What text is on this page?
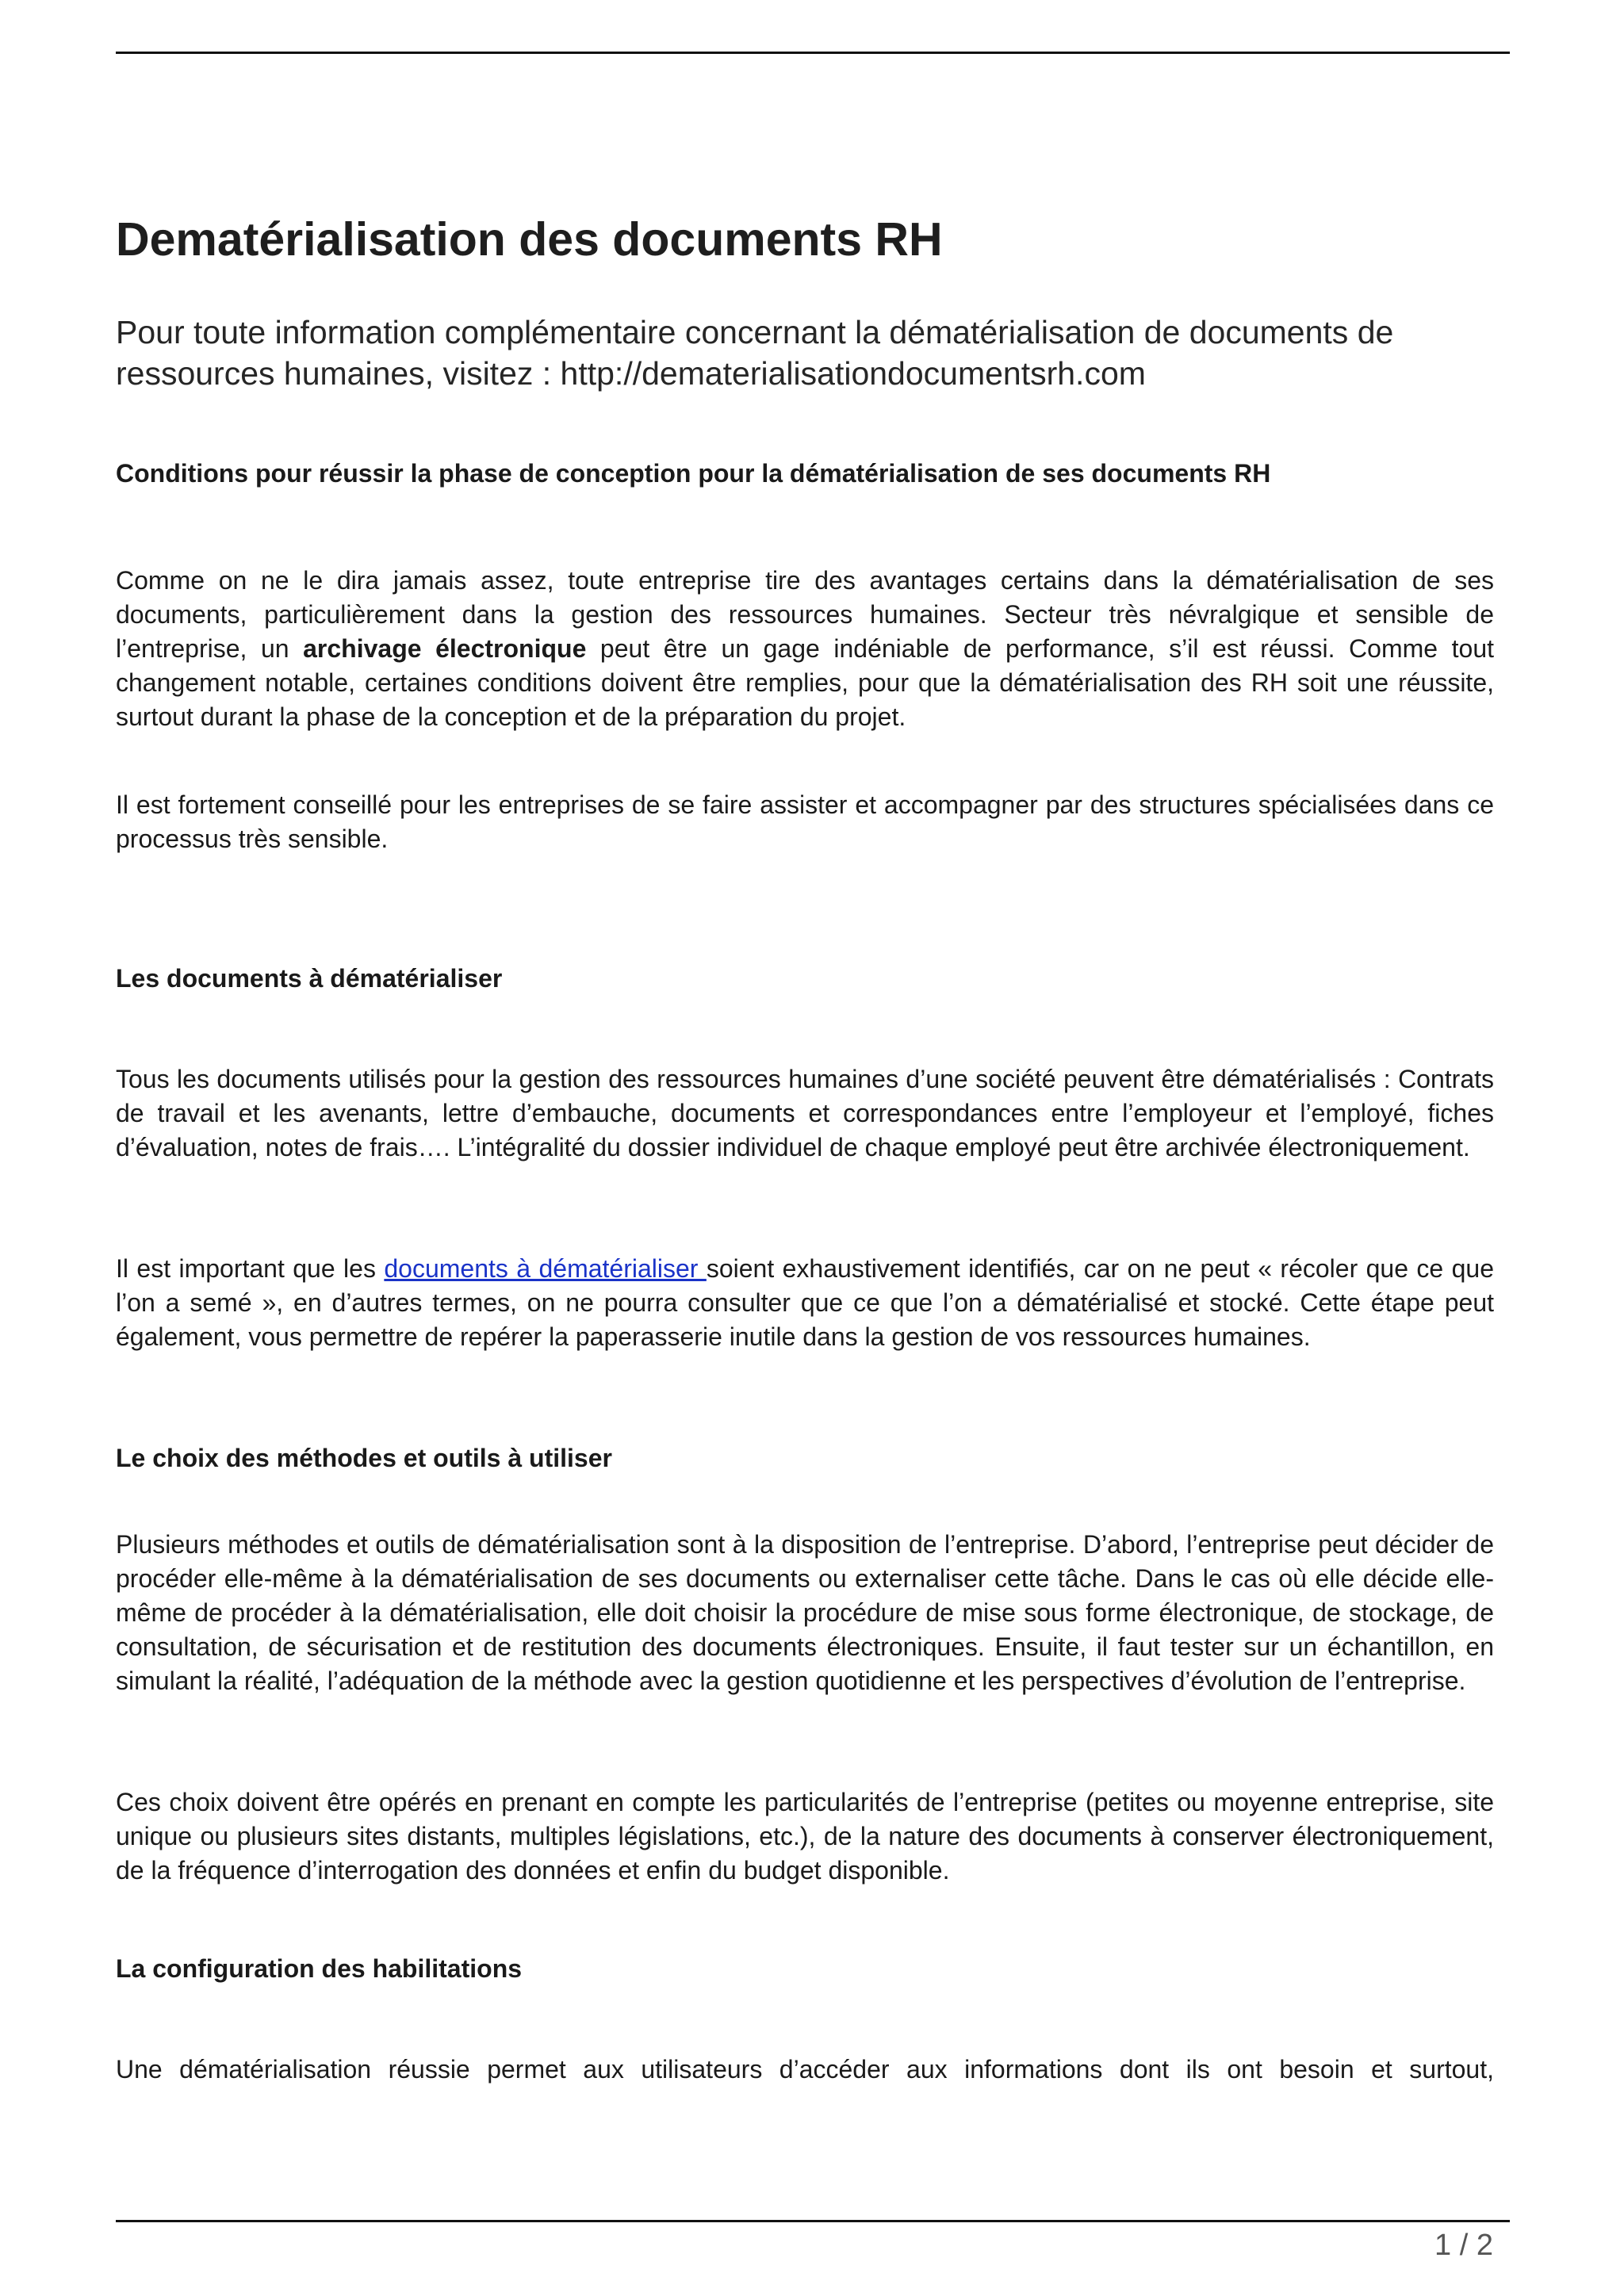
Dematérialisation des documents RH

Pour toute information complémentaire concernant la dématérialisation de documents de ressources humaines, visitez : http://dematerialisationdocumentsrh.com

Conditions pour réussir la phase de conception pour la dématérialisation de ses documents RH

Comme on ne le dira jamais assez, toute entreprise tire des avantages certains dans la dématérialisation de ses documents, particulièrement dans la gestion des ressources humaines. Secteur très névralgique et sensible de l’entreprise, un archivage électronique peut être un gage indéniable de performance, s’il est réussi. Comme tout changement notable, certaines conditions doivent être remplies, pour que la dématérialisation des RH soit une réussite, surtout durant la phase de la conception et de la préparation du projet.

Il est fortement conseillé pour les entreprises de se faire assister et accompagner par des structures spécialisées dans ce processus très sensible.

Les documents à dématérialiser

Tous les documents utilisés pour la gestion des ressources humaines d’une société peuvent être dématérialisés : Contrats de travail et les avenants, lettre d’embauche, documents et correspondances entre l’employeur et l’employé, fiches d’évaluation, notes de frais…. L’intégralité du dossier individuel de chaque employé peut être archivée électroniquement.

Il est important que les documents à dématérialiser soient exhaustivement identifiés, car on ne peut « récoler que ce que l’on a semé », en d’autres termes, on ne pourra consulter que ce que l’on a dématérialisé et stocké. Cette étape peut également, vous permettre de repérer la paperasserie inutile dans la gestion de vos ressources humaines.

Le choix des méthodes et outils à utiliser

Plusieurs méthodes et outils de dématérialisation sont à la disposition de l’entreprise. D’abord, l’entreprise peut décider de procéder elle-même à la dématérialisation de ses documents ou externaliser cette tâche. Dans le cas où elle décide elle-même de procéder à la dématérialisation, elle doit choisir la procédure de mise sous forme électronique, de stockage, de consultation, de sécurisation et de restitution des documents électroniques. Ensuite, il faut tester sur un échantillon, en simulant la réalité, l’adéquation de la méthode avec la gestion quotidienne et les perspectives d’évolution de l’entreprise.

Ces choix doivent être opérés en prenant en compte les particularités de l’entreprise (petites ou moyenne entreprise, site unique ou plusieurs sites distants, multiples législations, etc.), de la nature des documents à conserver électroniquement, de la fréquence d’interrogation des données et enfin du budget disponible.

La configuration des habilitations

Une dématérialisation réussie permet aux utilisateurs d’accéder aux informations dont ils ont besoin et surtout,

1 / 2
